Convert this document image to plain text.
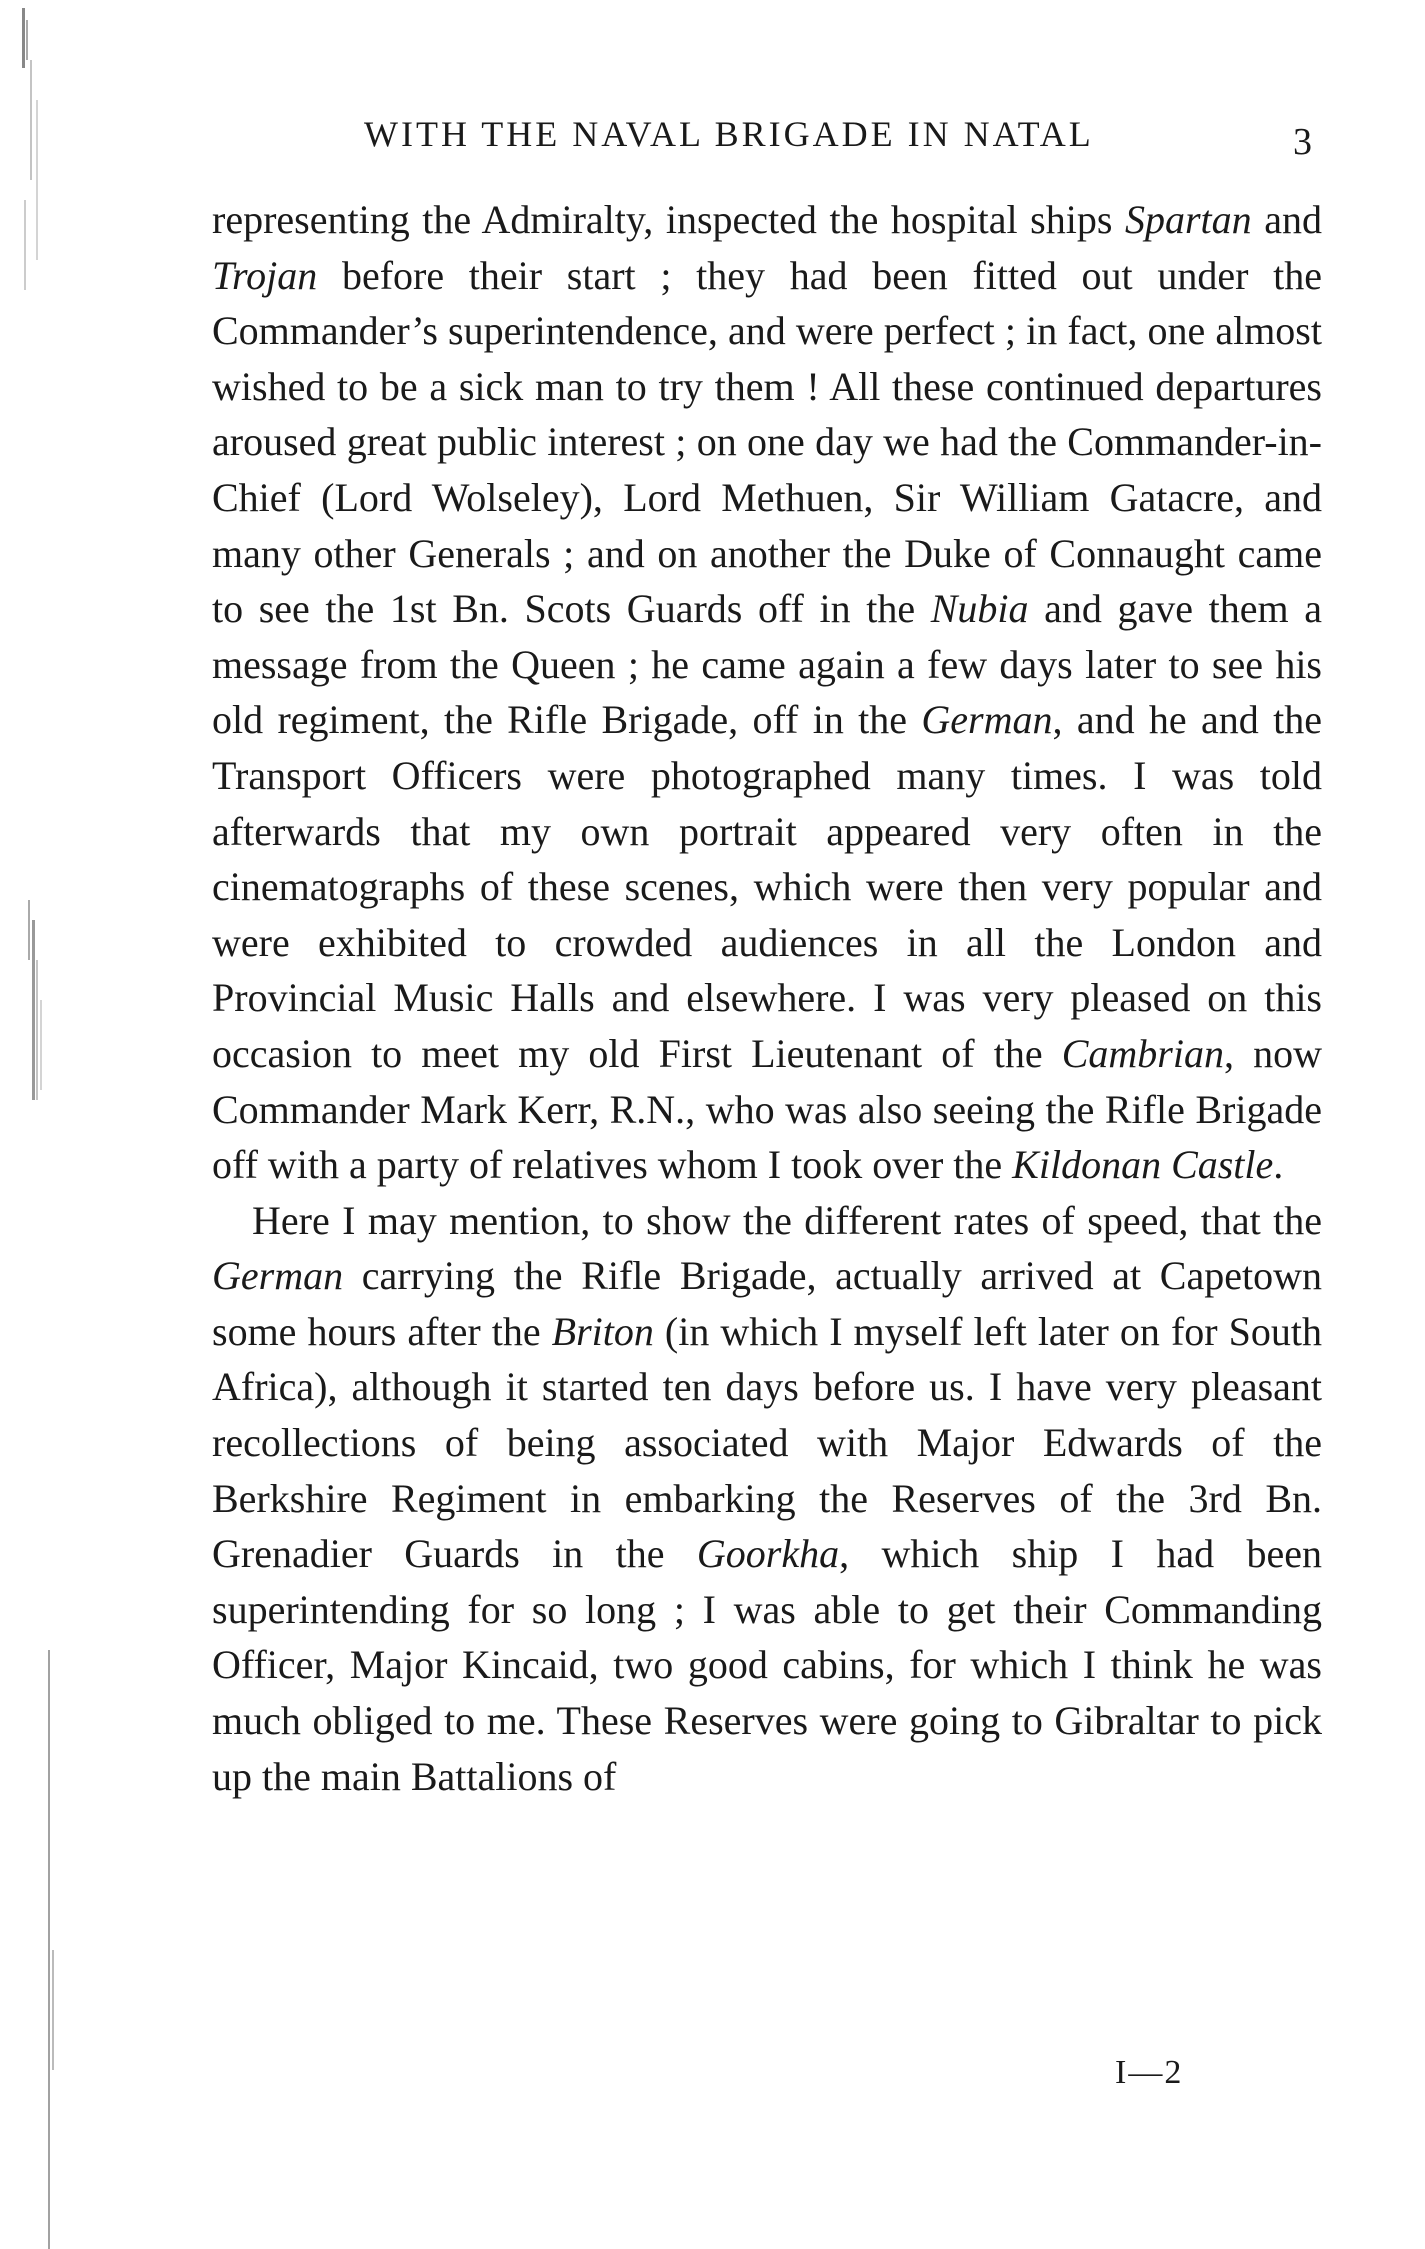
WITH THE NAVAL BRIGADE IN NATAL	3

representing the Admiralty, inspected the hospital ships Spartan and Trojan before their start ; they had been fitted out under the Commander’s superintendence, and were perfect ; in fact, one almost wished to be a sick man to try them ! All these continued departures aroused great public interest ; on one day we had the Commander-in-Chief (Lord Wolseley), Lord Methuen, Sir William Gatacre, and many other Generals ; and on another the Duke of Connaught came to see the 1st Bn. Scots Guards off in the Nubia and gave them a message from the Queen ; he came again a few days later to see his old regiment, the Rifle Brigade, off in the German, and he and the Transport Officers were photographed many times. I was told afterwards that my own portrait appeared very often in the cinematographs of these scenes, which were then very popular and were exhibited to crowded audiences in all the London and Provincial Music Halls and elsewhere. I was very pleased on this occasion to meet my old First Lieutenant of the Cambrian, now Commander Mark Kerr, R.N., who was also seeing the Rifle Brigade off with a party of relatives whom I took over the Kildonan Castle.

Here I may mention, to show the different rates of speed, that the German carrying the Rifle Brigade, actually arrived at Capetown some hours after the Briton (in which I myself left later on for South Africa), although it started ten days before us. I have very pleasant recollections of being associated with Major Edwards of the Berkshire Regiment in embarking the Reserves of the 3rd Bn. Grenadier Guards in the Goorkha, which ship I had been superintending for so long ; I was able to get their Commanding Officer, Major Kincaid, two good cabins, for which I think he was much obliged to me. These Reserves were going to Gibraltar to pick up the main Battalions of

I—2
